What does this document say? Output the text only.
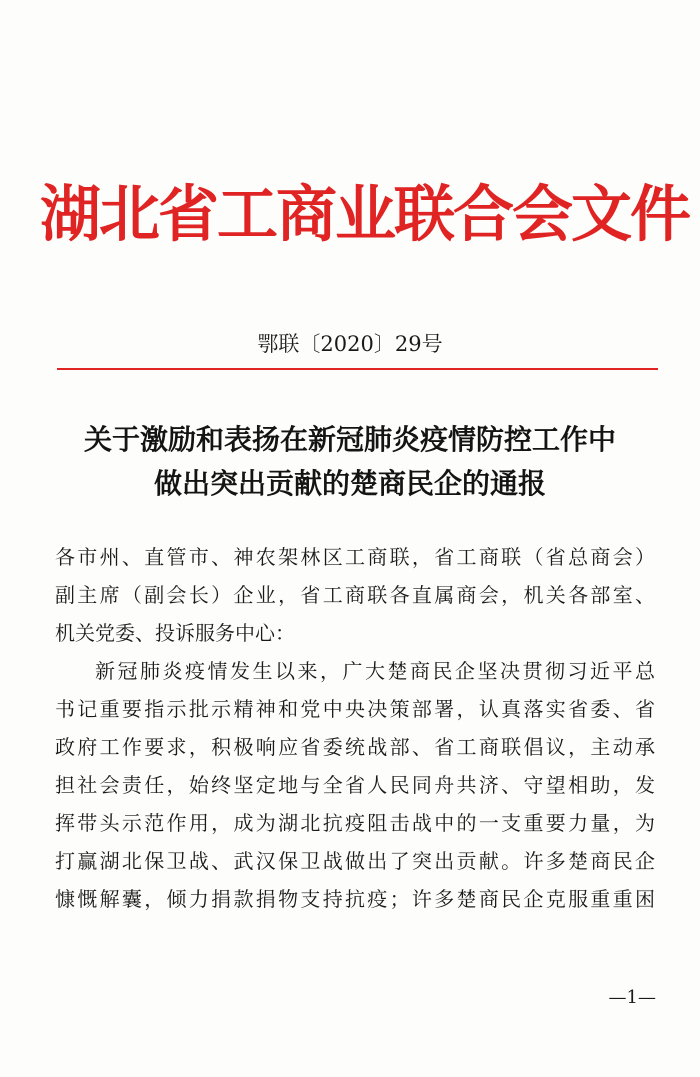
湖北省工商业联合会文件
鄂联〔2020〕29号
关于激励和表扬在新冠肺炎疫情防控工作中
做出突出贡献的楚商民企的通报
各市州、直管市、神农架林区工商联，省工商联（省总商会）
副主席（副会长）企业，省工商联各直属商会，机关各部室、
机关党委、投诉服务中心：
新冠肺炎疫情发生以来，广大楚商民企坚决贯彻习近平总
书记重要指示批示精神和党中央决策部署，认真落实省委、省
政府工作要求，积极响应省委统战部、省工商联倡议，主动承
担社会责任，始终坚定地与全省人民同舟共济、守望相助，发
挥带头示范作用，成为湖北抗疫阻击战中的一支重要力量，为
打赢湖北保卫战、武汉保卫战做出了突出贡献。许多楚商民企
慷慨解囊，倾力捐款捐物支持抗疫；许多楚商民企克服重重困
—1—
